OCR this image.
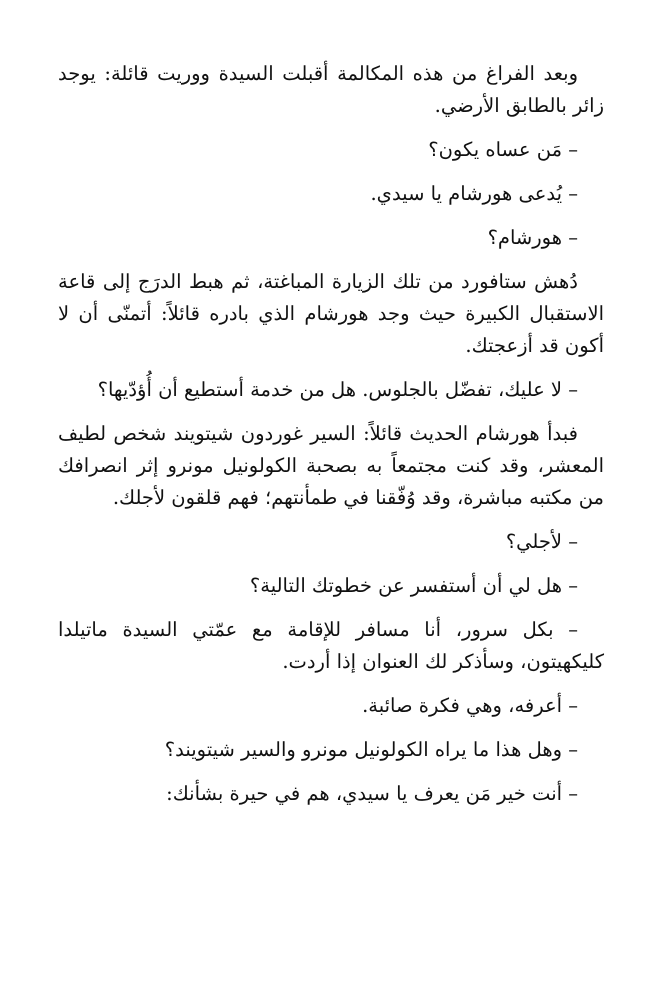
وبعد الفراغ من هذه المكالمة أقبلت السيدة ووريت قائلة: يوجد زائر بالطابق الأرضي.

– مَن عساه يكون؟

– يُدعى هورشام يا سيدي.

– هورشام؟

دُهش ستافورد من تلك الزيارة المباغتة، ثم هبط الدرَج إلى قاعة الاستقبال الكبيرة حيث وجد هورشام الذي بادره قائلاً: أتمنّى أن لا أكون قد أزعجتك.

– لا عليك، تفضّل بالجلوس. هل من خدمة أستطيع أن أُؤدّيها؟

فبدأ هورشام الحديث قائلاً: السير غوردون شيتويند شخص لطيف المعشر، وقد كنت مجتمعاً به بصحبة الكولونيل مونرو إثر انصرافك من مكتبه مباشرة، وقد وُفّقنا في طمأنتهم؛ فهم قلقون لأجلك.

– لأجلي؟

– هل لي أن أستفسر عن خطوتك التالية؟

– بكل سرور، أنا مسافر للإقامة مع عمّتي السيدة ماتيلدا كليكهيتون، وسأذكر لك العنوان إذا أردت.

– أعرفه، وهي فكرة صائبة.

– وهل هذا ما يراه الكولونيل مونرو والسير شيتويند؟

– أنت خير مَن يعرف يا سيدي، هم في حيرة بشأنك:
